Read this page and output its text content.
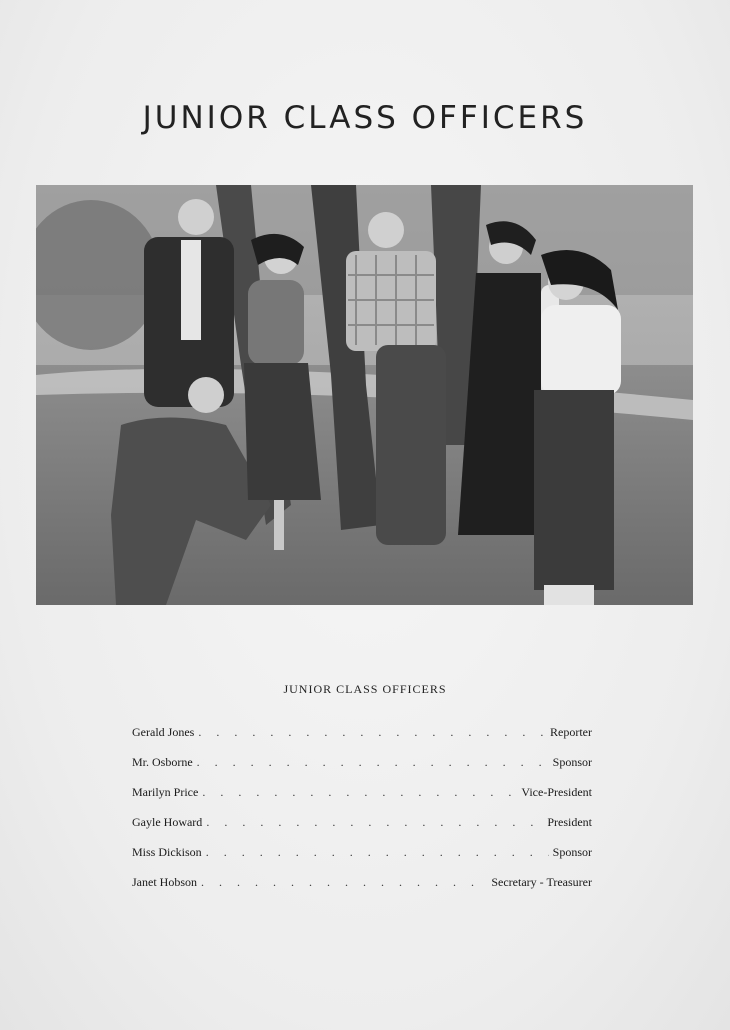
JUNIOR CLASS OFFICERS
JUNIOR CLASS OFFICERS
Gerald Jones . . .	Reporter
Mr. Osborne . . .	Sponsor
Marilyn Price . . .	Vice-President
Gayle Howard . . .	President
Miss Dickison . . .	Sponsor
Janet Hobson . . .	Secretary - Treasurer
